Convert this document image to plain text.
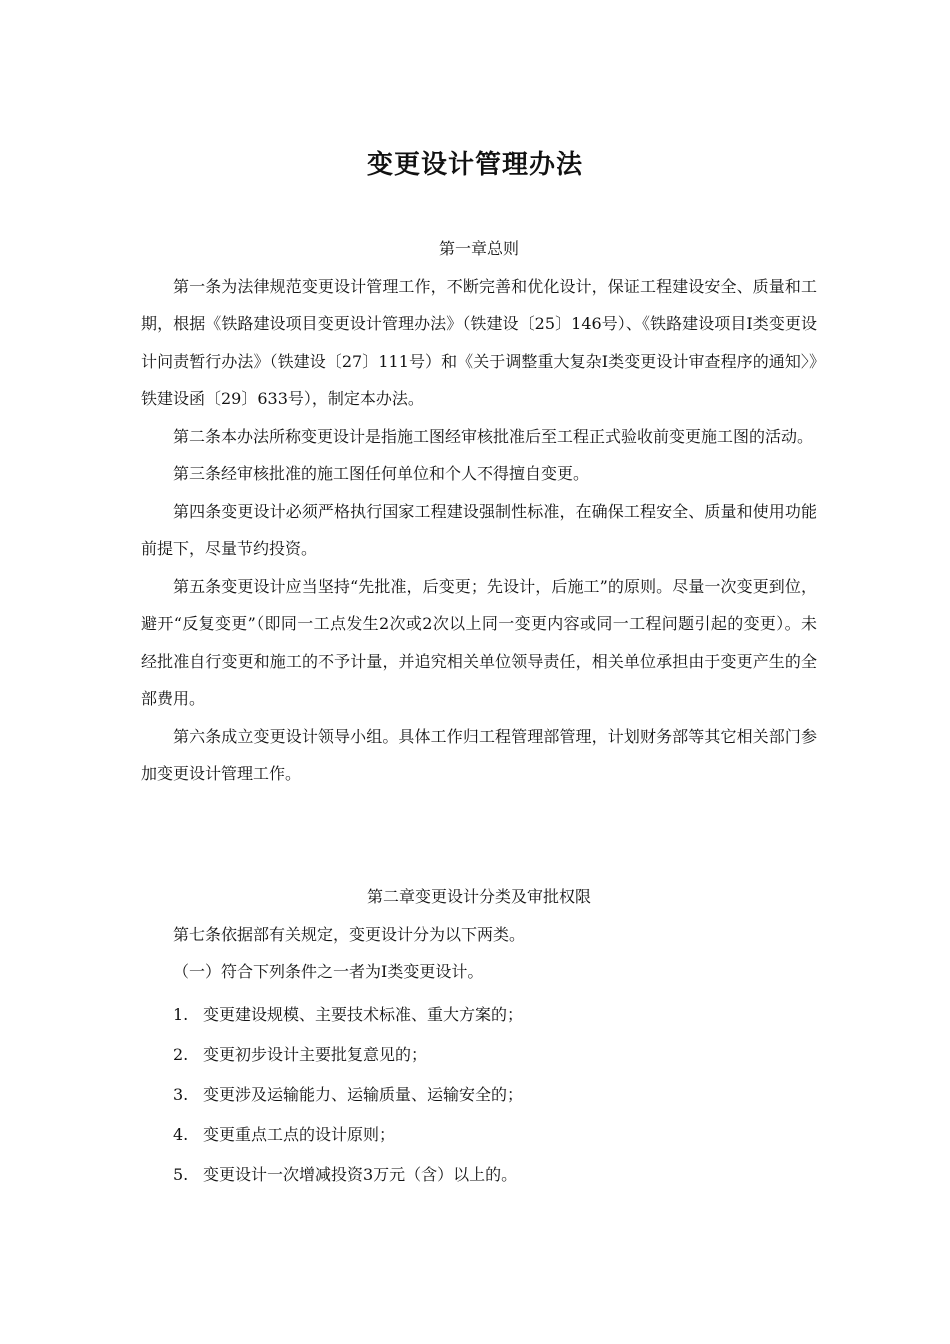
变更设计管理办法
第一章总则

第一条为法律规范变更设计管理工作，不断完善和优化设计，保证工程建设安全、质量和工期，根据《铁路建设项目变更设计管理办法》（铁建设〔25〕146号）、《铁路建设项目I类变更设计问责暂行办法》（铁建设〔27〕111号）和《关于调整重大复杂I类变更设计审查程序的通知〉》铁建设函〔29〕633号），制定本办法。

第二条本办法所称变更设计是指施工图经审核批准后至工程正式验收前变更施工图的活动。

第三条经审核批准的施工图任何单位和个人不得擅自变更。

第四条变更设计必须严格执行国家工程建设强制性标准，在确保工程安全、质量和使用功能前提下，尽量节约投资。

第五条变更设计应当坚持“先批准，后变更；先设计，后施工”的原则。尽量一次变更到位，避开“反复变更”（即同一工点发生2次或2次以上同一变更内容或同一工程问题引起的变更）。未经批准自行变更和施工的不予计量，并追究相关单位领导责任，相关单位承担由于变更产生的全部费用。

第六条成立变更设计领导小组。具体工作归工程管理部管理，计划财务部等其它相关部门参加变更设计管理工作。

第二章变更设计分类及审批权限

第七条依据部有关规定，变更设计分为以下两类。

（一）符合下列条件之一者为I类变更设计。

1. 变更建设规模、主要技术标准、重大方案的；
2. 变更初步设计主要批复意见的；
3. 变更涉及运输能力、运输质量、运输安全的；
4. 变更重点工点的设计原则；
5. 变更设计一次增减投资3万元（含）以上的。
